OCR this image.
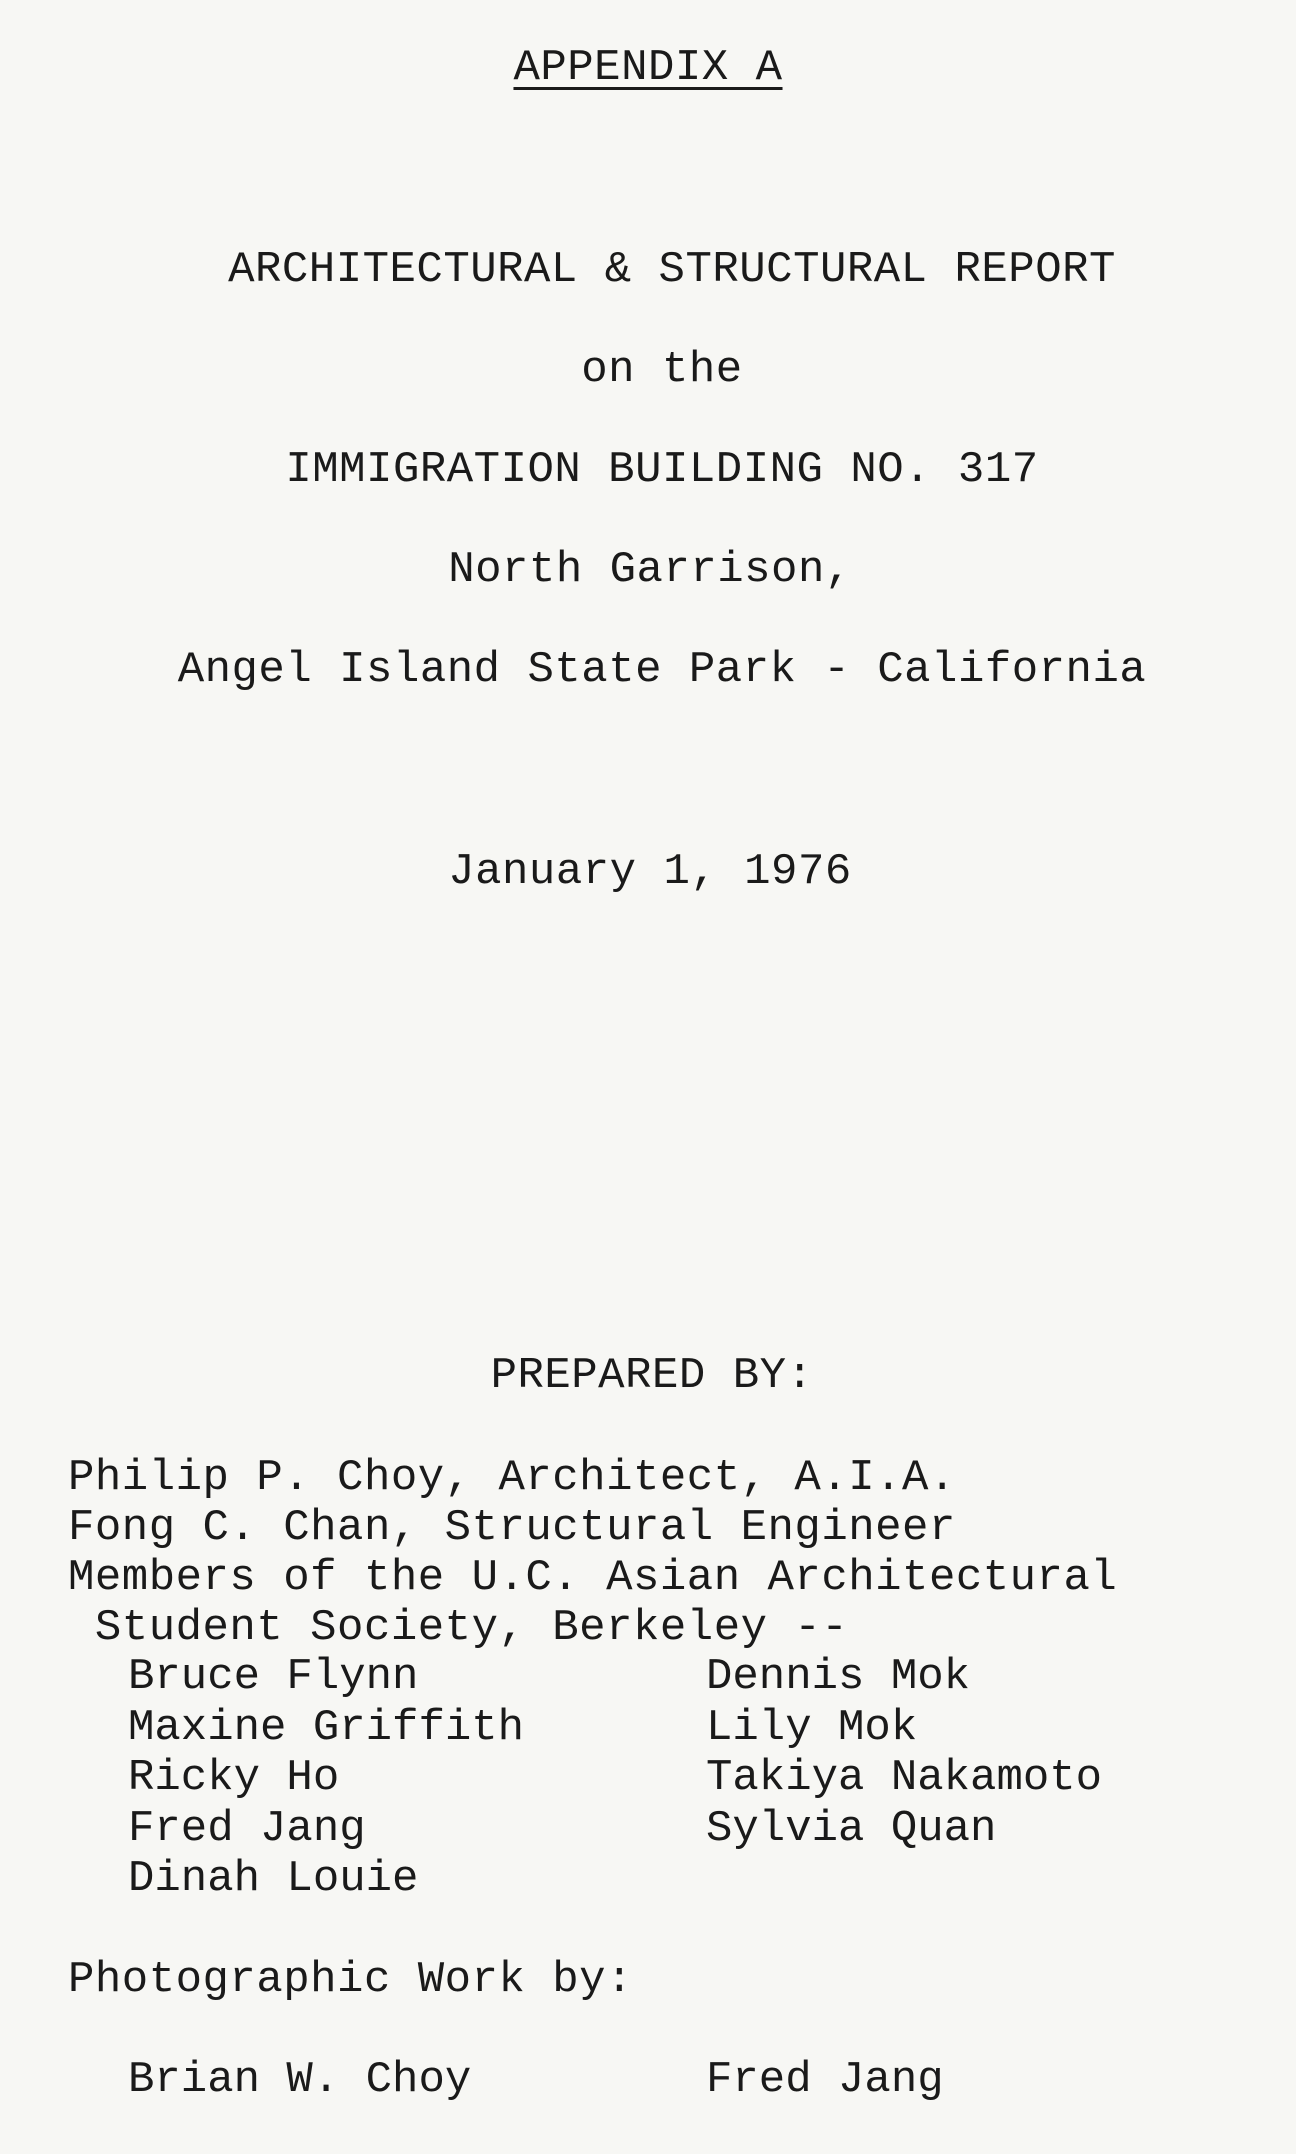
APPENDIX A
ARCHITECTURAL & STRUCTURAL REPORT
on the
IMMIGRATION BUILDING NO. 317
North Garrison,
Angel Island State Park - California
January 1, 1976
PREPARED BY:
Philip P. Choy, Architect, A.I.A.
Fong C. Chan, Structural Engineer
Members of the U.C. Asian Architectural
Student Society, Berkeley --
Bruce Flynn	Dennis Mok
Maxine Griffith	Lily Mok
Ricky Ho	Takiya Nakamoto
Fred Jang	Sylvia Quan
Dinah Louie
Photographic Work by:
Brian W. Choy	Fred Jang
